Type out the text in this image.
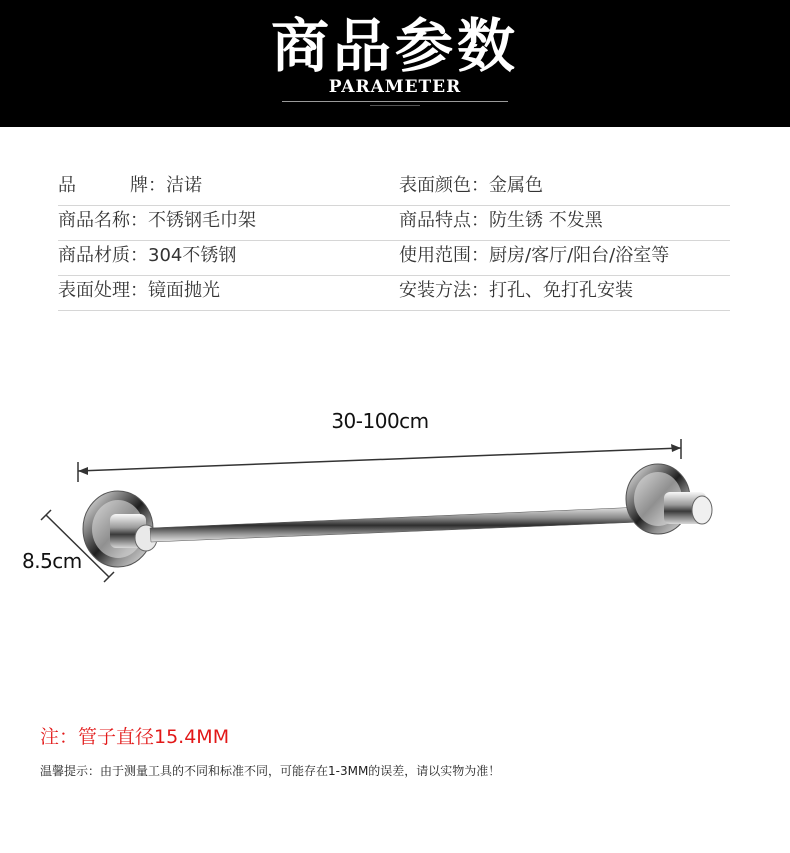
商品参数
PARAMETER
品	牌 ：洁诺	表面颜色：金属色
商品名称：不锈钢毛巾架	商品特点：防生锈 不发黑
商品材质：304不锈钢	使用范围：厨房/客厅/阳台/浴室等
表面处理：镜面抛光	安装方法：打孔、免打孔安装
30-100cm
8.5cm
注：管子直径15.4MM
温馨提示：由于测量工具的不同和标准不同，可能存在1-3MM的误差，请以实物为准！
